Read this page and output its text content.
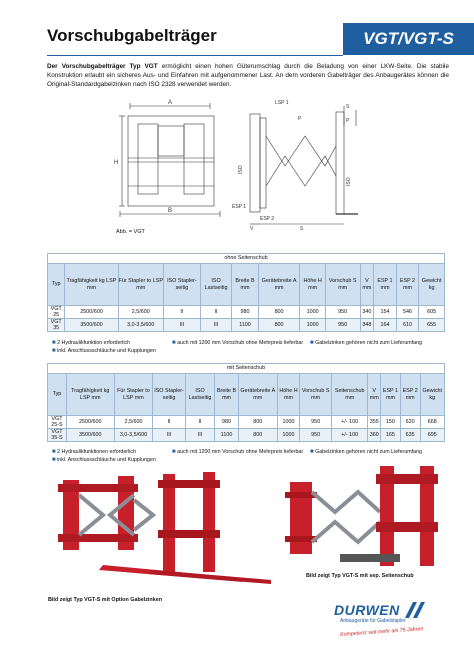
Vorschubgabelträger	VGT/VGT-S
Der Vorschubgabelträger Typ VGT ermöglicht einen hohen Güterumschlag durch die Beladung von einer LKW-Seite. Die stabile Konstruktion erlaubt ein sicheres Aus- und Einfahren mit aufgenommener Last. An dem vorderen Gabelträger des Anbaugerätes können die Original-Standardgabelzinken nach ISO 2328 verwendet werden.
A
H
B
LSP 1
S
P	P
ESP 1
ESP 2
V	S
ISO
ISO
Abb. = VGT
ohne Seitenschub												
Typ	Tragfähigkeit kg LSP mm	Für Stapler to LSP mm	ISO Stapler-seitig	ISO Lastseitig	Breite B mm	Gerätebreite A mm	Höhe H mm	Vorschub S mm	V mm	ESP 1 mm	ESP 2 mm	Gewicht kg
VGT 25	2500/600	2,5/600	II	II	980	800	1000	950	340	154	546	605
VGT 35	3500/600	3,0-3,5/600	III	III	1100	800	1000	950	348	164	610	655
■ 2 Hydraulikfunktion erforderlich
■ inkl. Anschlussschläuche und Kupplungen
■ auch mit 1200 mm Vorschub ohne Mehrpreis lieferbar ■ Gabelzinken gehören nicht zum Lieferumfang
mit Seitenschub													
Typ	Tragfähigkeit kg LSP mm	Für Stapler to LSP mm	ISO Stapler-seitig	ISO Lastseitig	Breite B mm	Gerätebreite A mm	Höhe H mm	Vorschub S mm	Seitenschub mm	V mm	ESP 1 mm	ESP 2 mm	Gewicht kg
VGT 25-S	2500/600	2,5/600	II	II	980	800	1000	950	+/- 100	355	150	620	668
VGT 35-S	3500/600	3,0-3,5/600	III	III	1100	800	1000	950	+/- 100	360	165	635	695
■ 2 Hydraulikfunktionen erforderlich
■ inkl. Anschlussschläuche und Kupplungen
■ auch mit 1200 mm Vorschub ohne Mehrpreis lieferbar ■ Gabelzinken gehören nicht zum Lieferumfang
Bild zeigt Typ VGT-S mit Option Gabelzinken
Bild zeigt Typ VGT-S mit sep. Seitenschub
DURWEN
Anbaugeräte für Gabelstapler
Kompetenz seit mehr als 75 Jahren
